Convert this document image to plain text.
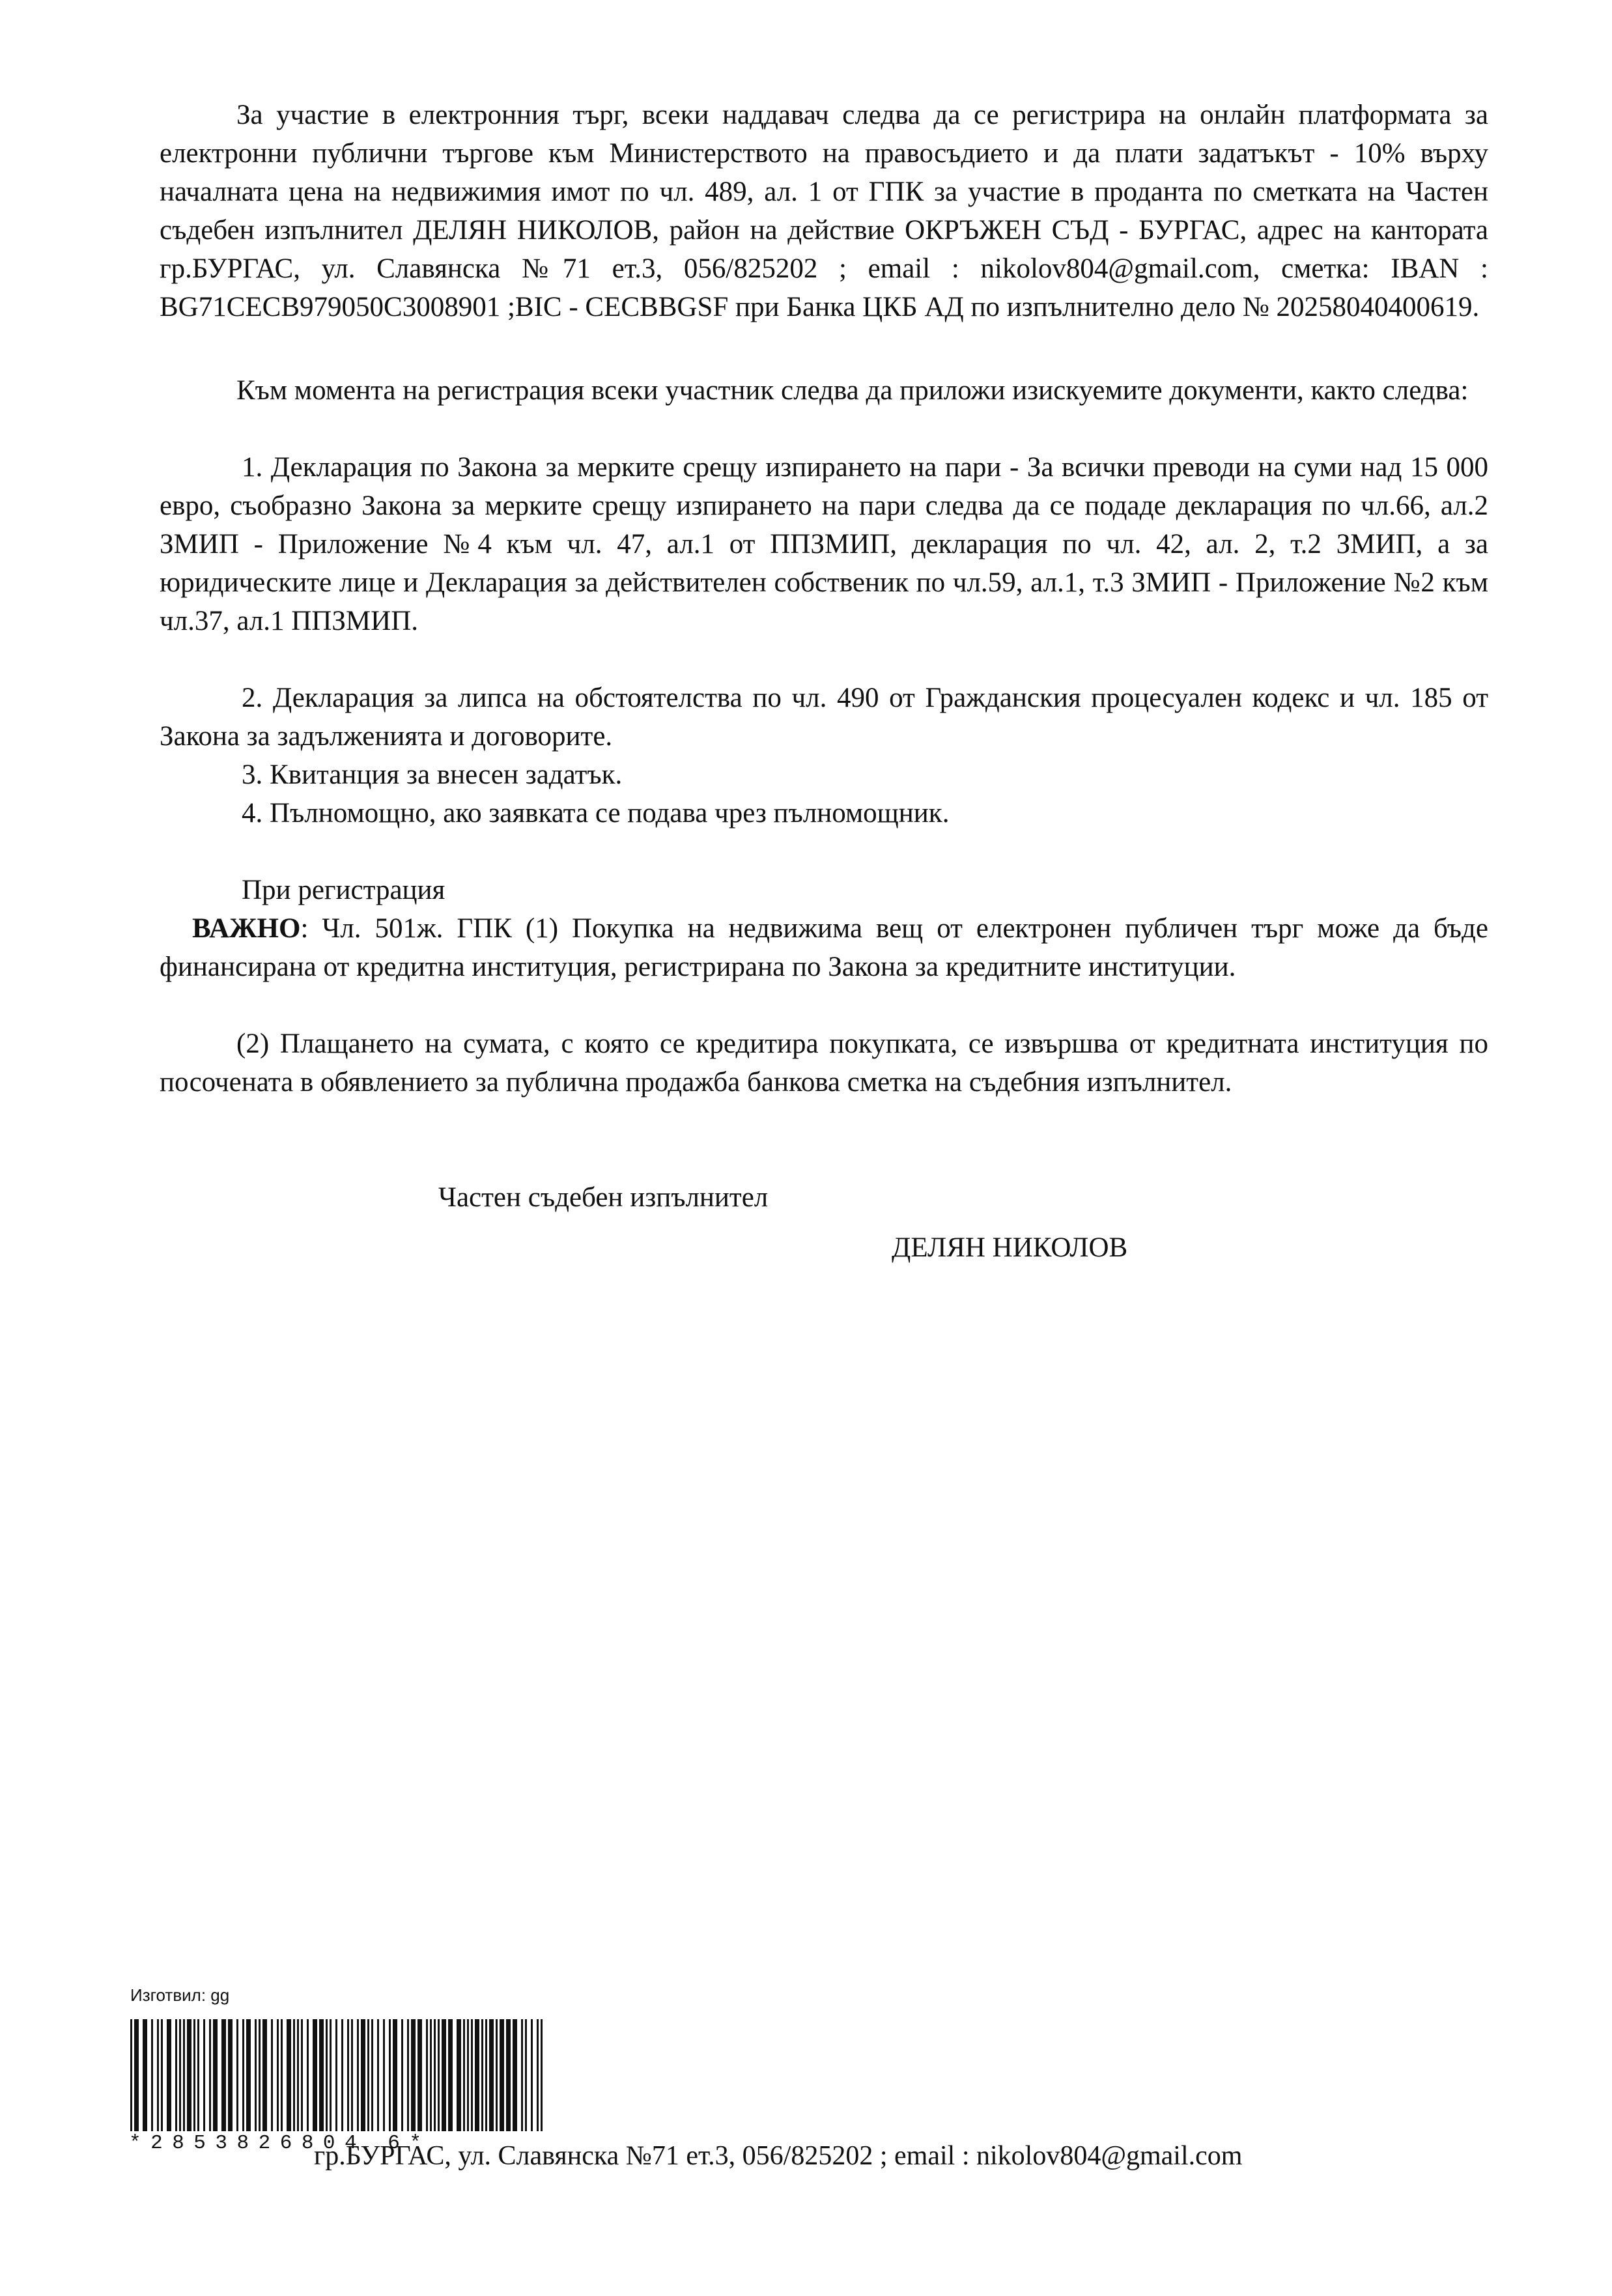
За участие в електронния търг, всеки наддавач следва да се регистрира на онлайн платформата за електронни публични търгове към Министерството на правосъдието и да плати задатъкът - 10% върху началната цена на недвижимия имот по чл. 489, ал. 1 от ГПК за участие в проданта по сметката на Частен съдебен изпълнител ДЕЛЯН НИКОЛОВ, район на действие ОКРЪЖЕН СЪД - БУРГАС, адрес на кантората гр.БУРГАС, ул. Славянска №71 ет.3, 056/825202 ; email : nikolov804@gmail.com, сметка: IBAN : BG71CECB979050C3008901 ;BIC - CECBBGSF при Банка ЦКБ АД по изпълнително дело № 20258040400619.

Към момента на регистрация всеки участник следва да приложи изискуемите документи, както следва:

1. Декларация по Закона за мерките срещу изпирането на пари - За всички преводи на суми над 15 000 евро, съобразно Закона за мерките срещу изпирането на пари следва да се подаде декларация по чл.66, ал.2 ЗМИП - Приложение №4 към чл. 47, ал.1 от ППЗМИП, декларация по чл. 42, ал. 2, т.2 ЗМИП, а за юридическите лице и Декларация за действителен собственик по чл.59, ал.1, т.3 ЗМИП - Приложение №2 към чл.37, ал.1 ППЗМИП.

2. Декларация за липса на обстоятелства по чл. 490 от Гражданския процесуален кодекс и чл. 185 от Закона за задълженията и договорите.

3. Квитанция за внесен задатък.

4. Пълномощно, ако заявката се подава чрез пълномощник.

При регистрация

ВАЖНО: Чл. 501ж. ГПК (1) Покупка на недвижима вещ от електронен публичен търг може да бъде финансирана от кредитна институция, регистрирана по Закона за кредитните институции.

(2) Плащането на сумата, с която се кредитира покупката, се извършва от кредитната институция по посочената в обявлението за публична продажба банкова сметка на съдебния изпълнител.

Частен съдебен изпълнител
ДЕЛЯН НИКОЛОВ
Изготвил: gg
*2853826804 6*
гр.БУРГАС, ул. Славянска №71 ет.3, 056/825202 ; email : nikolov804@gmail.com
